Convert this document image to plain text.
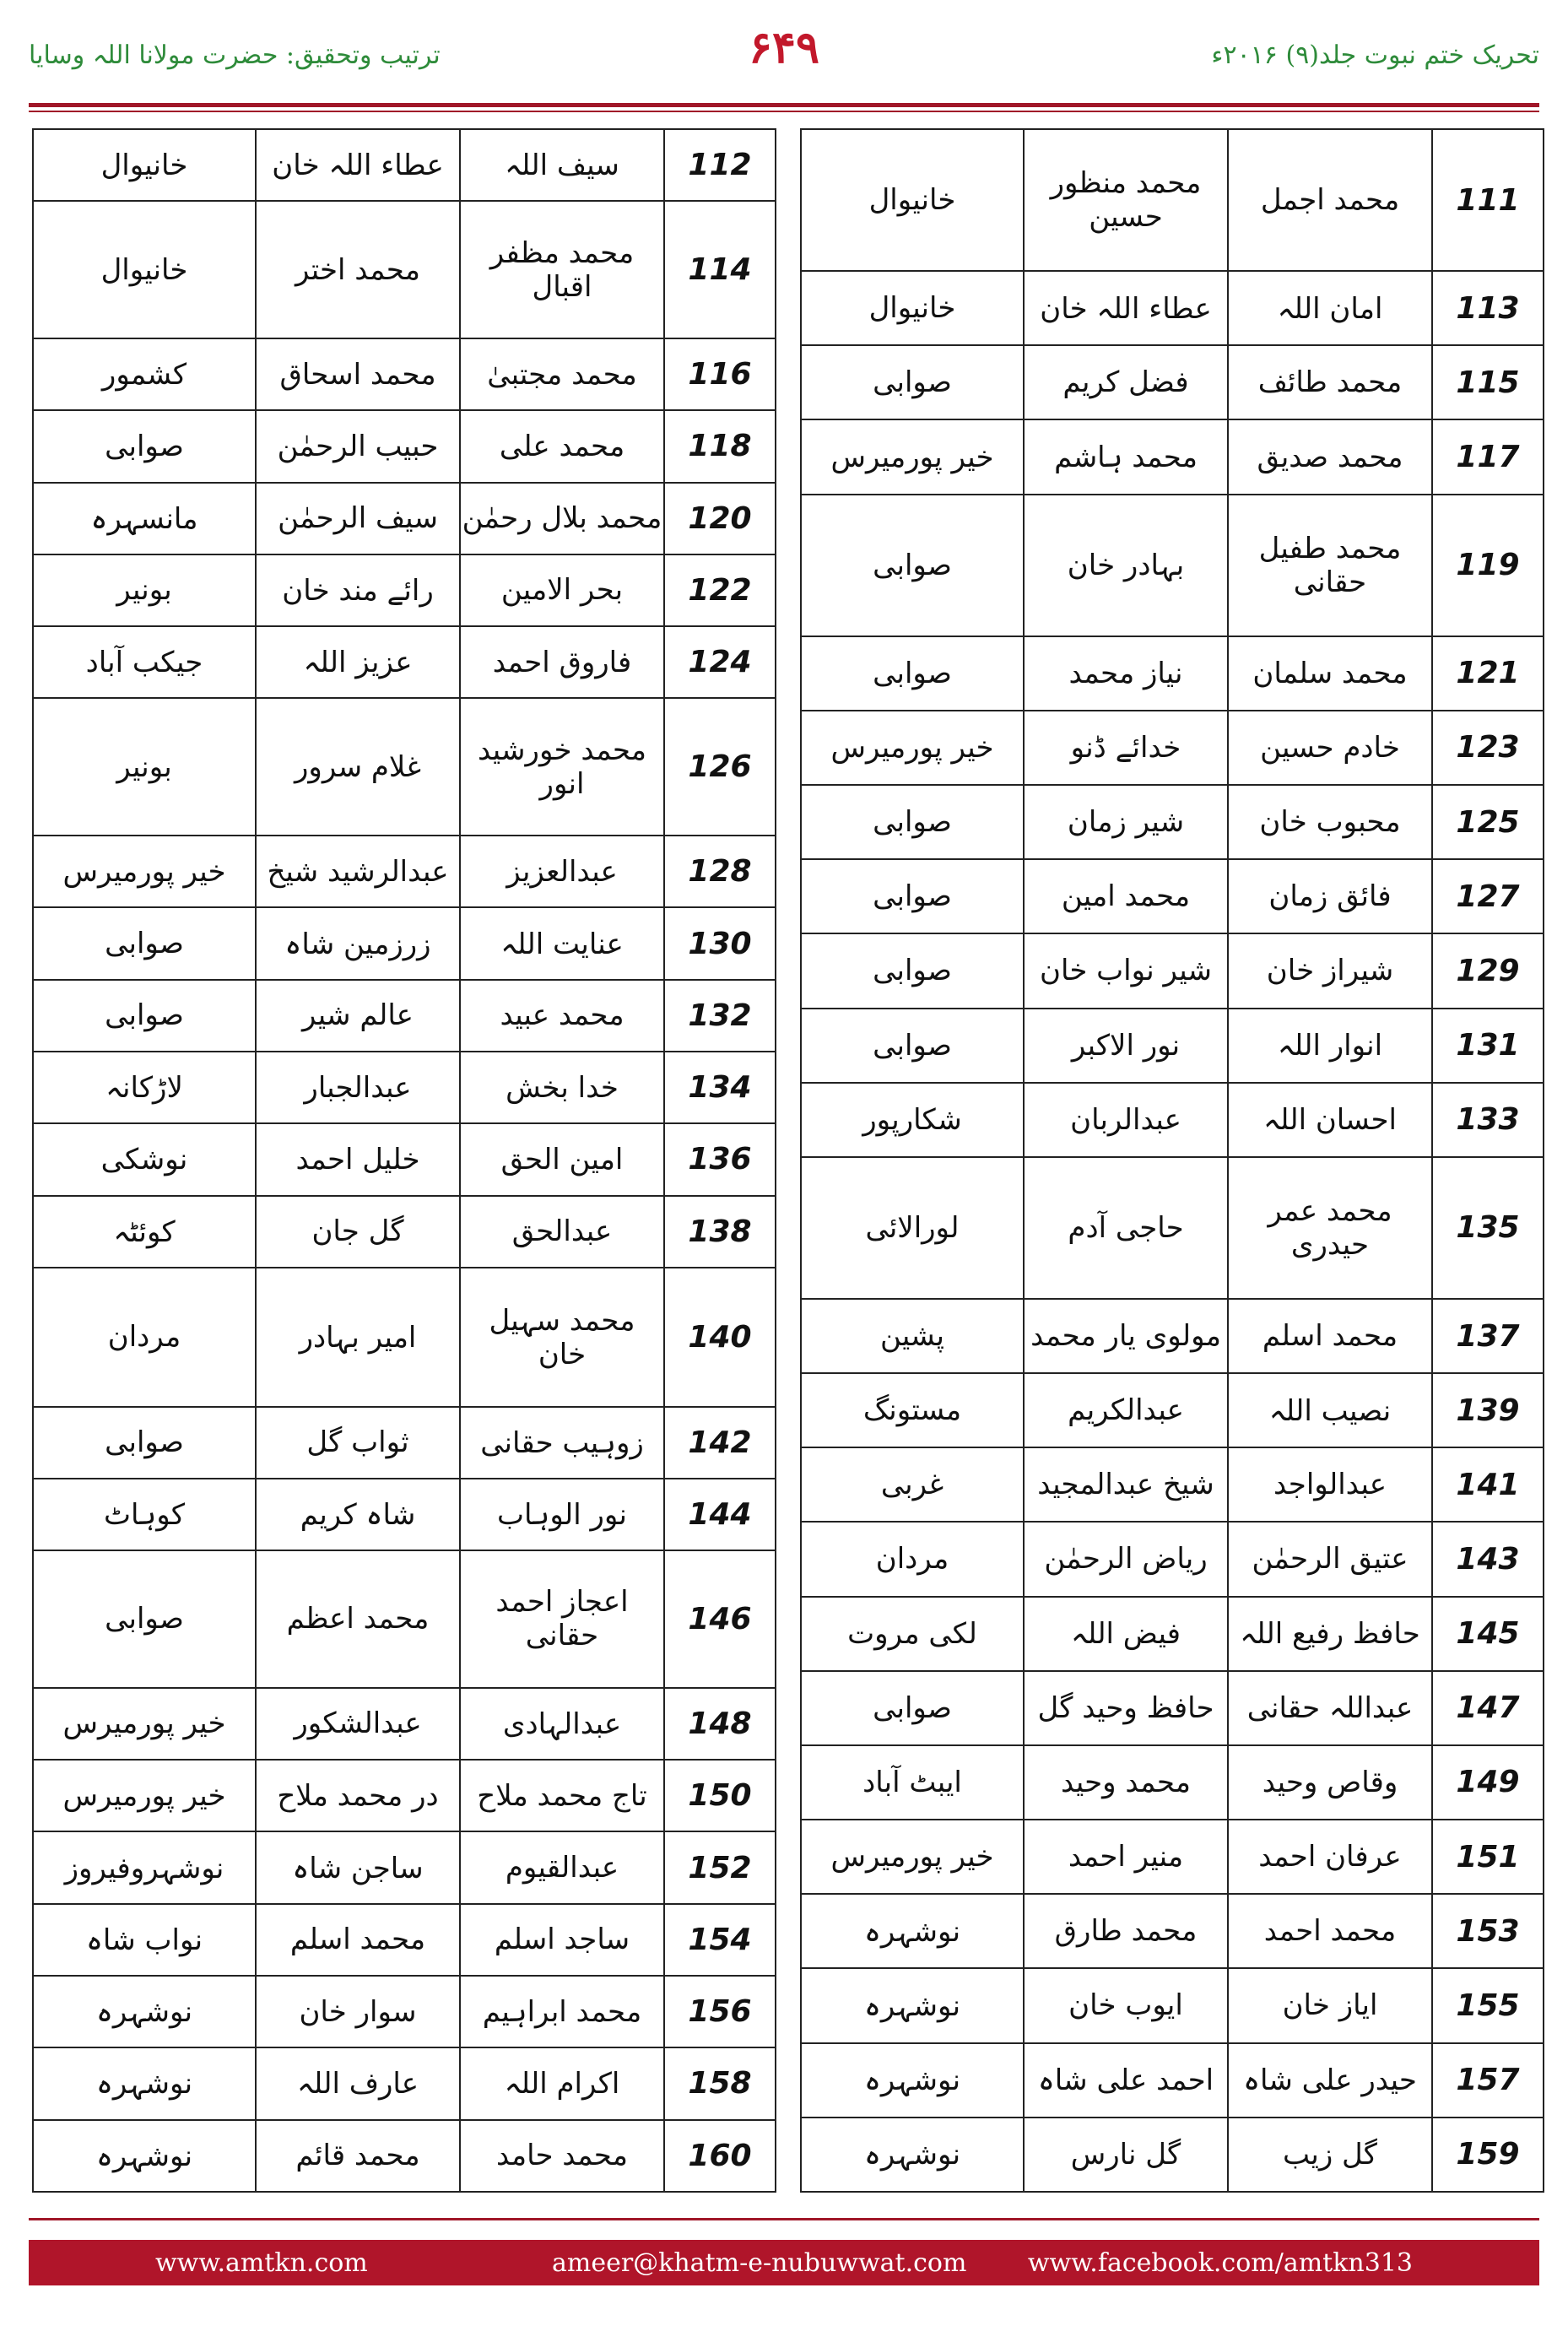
ترتیب وتحقیق: حضرت مولانا اللہ وسایا	۶۴۹	تحریک ختم نبوت جلد(۹) ۲۰۱۶ء
111	محمد اجمل	محمد منظور حسین	خانیوال
113	امان اللہ	عطاء اللہ خان	خانیوال
115	محمد طائف	فضل کریم	صوابی
117	محمد صدیق	محمد ہاشم	خیر پورمیرس
119	محمد طفیل حقانی	بہادر خان	صوابی
121	محمد سلمان	نیاز محمد	صوابی
123	خادم حسین	خدائے ڈنو	خیر پورمیرس
125	محبوب خان	شیر زمان	صوابی
127	فائق زمان	محمد امین	صوابی
129	شیراز خان	شیر نواب خان	صوابی
131	انوار اللہ	نور الاکبر	صوابی
133	احسان اللہ	عبدالربان	شکارپور
135	محمد عمر حیدری	حاجی آدم	لورالائی
137	محمد اسلم	مولوی یار محمد	پشین
139	نصیب اللہ	عبدالکریم	مستونگ
141	عبدالواجد	شیخ عبدالمجید	غربی
143	عتیق الرحمٰن	ریاض الرحمٰن	مردان
145	حافظ رفیع اللہ	فیض اللہ	لکی مروت
147	عبداللہ حقانی	حافظ وحید گل	صوابی
149	وقاص وحید	محمد وحید	ایبٹ آباد
151	عرفان احمد	منیر احمد	خیر پورمیرس
153	محمد احمد	محمد طارق	نوشہرہ
155	ایاز خان	ایوب خان	نوشہرہ
157	حیدر علی شاہ	احمد علی شاہ	نوشہرہ
159	گل زیب	گل نارس	نوشہرہ
112	سیف اللہ	عطاء اللہ خان	خانیوال
114	محمد مظفر اقبال	محمد اختر	خانیوال
116	محمد مجتبیٰ	محمد اسحاق	کشمور
118	محمد علی	حبیب الرحمٰن	صوابی
120	محمد بلال رحمٰن	سیف الرحمٰن	مانسہرہ
122	بحر الامین	رائے مند خان	بونیر
124	فاروق احمد	عزیز اللہ	جیکب آباد
126	محمد خورشید انور	غلام سرور	بونیر
128	عبدالعزیز	عبدالرشید شیخ	خیر پورمیرس
130	عنایت اللہ	زرزمین شاہ	صوابی
132	محمد عبید	عالم شیر	صوابی
134	خدا بخش	عبدالجبار	لاڑکانہ
136	امین الحق	خلیل احمد	نوشکی
138	عبدالحق	گل جان	کوئٹہ
140	محمد سہیل خان	امیر بہادر	مردان
142	زوہیب حقانی	ثواب گل	صوابی
144	نور الوہاب	شاہ کریم	کوہاٹ
146	اعجاز احمد حقانی	محمد اعظم	صوابی
148	عبدالہادی	عبدالشکور	خیر پورمیرس
150	تاج محمد ملاح	در محمد ملاح	خیر پورمیرس
152	عبدالقیوم	ساجن شاہ	نوشہروفیروز
154	ساجد اسلم	محمد اسلم	نواب شاہ
156	محمد ابراہیم	سوار خان	نوشہرہ
158	اکرام اللہ	عارف اللہ	نوشہرہ
160	محمد حامد	محمد قائم	نوشہرہ
www.amtkn.com	ameer@khatm-e-nubuwwat.com www.facebook.com/amtkn313
